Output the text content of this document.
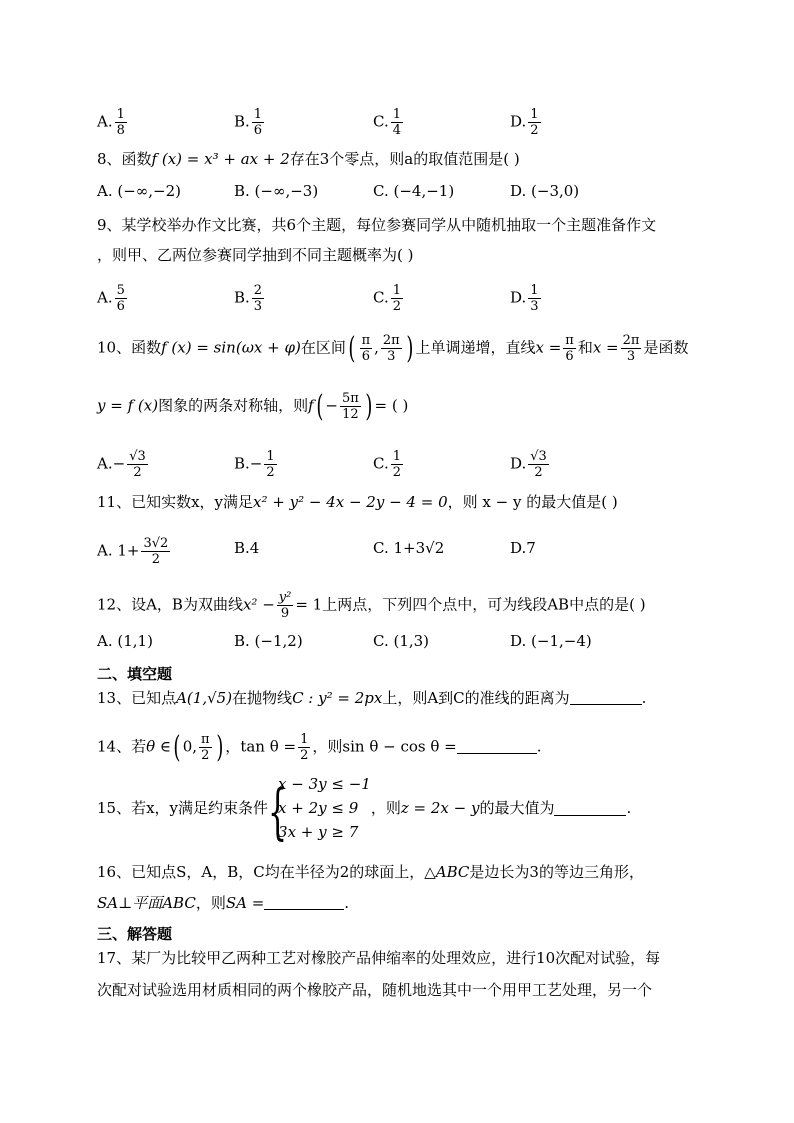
A. $\frac{1}{8}$	B. $\frac{1}{6}$	C. $\frac{1}{4}$	D. $\frac{1}{2}$
8、函数f (x) = x³ + ax + 2存在3个零点，则a的取值范围是( )
A. (−∞,−2)	B. (−∞,−3)	C. (−4,−1)	D. (−3,0)
9、某学校举办作文比赛，共6个主题，每位参赛同学从中随机抽取一个主题准备作文
，则甲、乙两位参赛同学抽到不同主题概率为( )
A. $\frac{5}{6}$	B. $\frac{2}{3}$	C. $\frac{1}{2}$	D. $\frac{1}{3}$
10、函数f (x) = sin(ωx + φ)在区间( $\frac{\pi}{6}$ , $\frac{2\pi}{3}$ ) 上单调递增，直线$x = \frac{\pi}{6}$ 和$x = \frac{2\pi}{3}$ 是函数
y = f (x)图象的两条对称轴，则$f( - \frac{5\pi}{12}$ ) = ( )
$A.- \frac{√3}{2}$	$B.- \frac{1}{2}$	C. $\frac{1}{2}$	D. $\frac{√3}{2}$
11、已知实数x，y满足x² + y² − 4x − 2y − 4 = 0，则 x − y 的最大值是( )
A. $1+ \frac{3√2}{2}$	B.4	C. 1+3√2	D.7
12、设A，B为双曲线$x^2 - \frac{\text{y²}}{9} = 1$上两点，下列四个点中，可为线段AB中点的是( )
A. (1,1)	B. (−1,2)	C. (1,3)	D. (−1,−4)
二、填空题
13、已知点A(1,√5)在抛物线C : y² = 2px上，则A到C的准线的距离为	.
14、若θ ∈( 0, $\frac{\pi}{2}$ ) ，$\tan \theta = \frac{1}{2}$ ，则sin θ − cos θ =	.
15、若x，y满足约束条件 {
x − 3y ≤ −1
x + 2y ≤ 9
3x + y ≥ 7
，则z = 2x − y的最大值为	.
16、已知点S，A，B，C均在半径为2的球面上，△ABC是边长为3的等边三角形，
SA⊥平面ABC，则SA =	.
三、解答题
17、某厂为比较甲乙两种工艺对橡胶产品伸缩率的处理效应，进行10次配对试验，每
次配对试验选用材质相同的两个橡胶产品，随机地选其中一个用甲工艺处理，另一个
